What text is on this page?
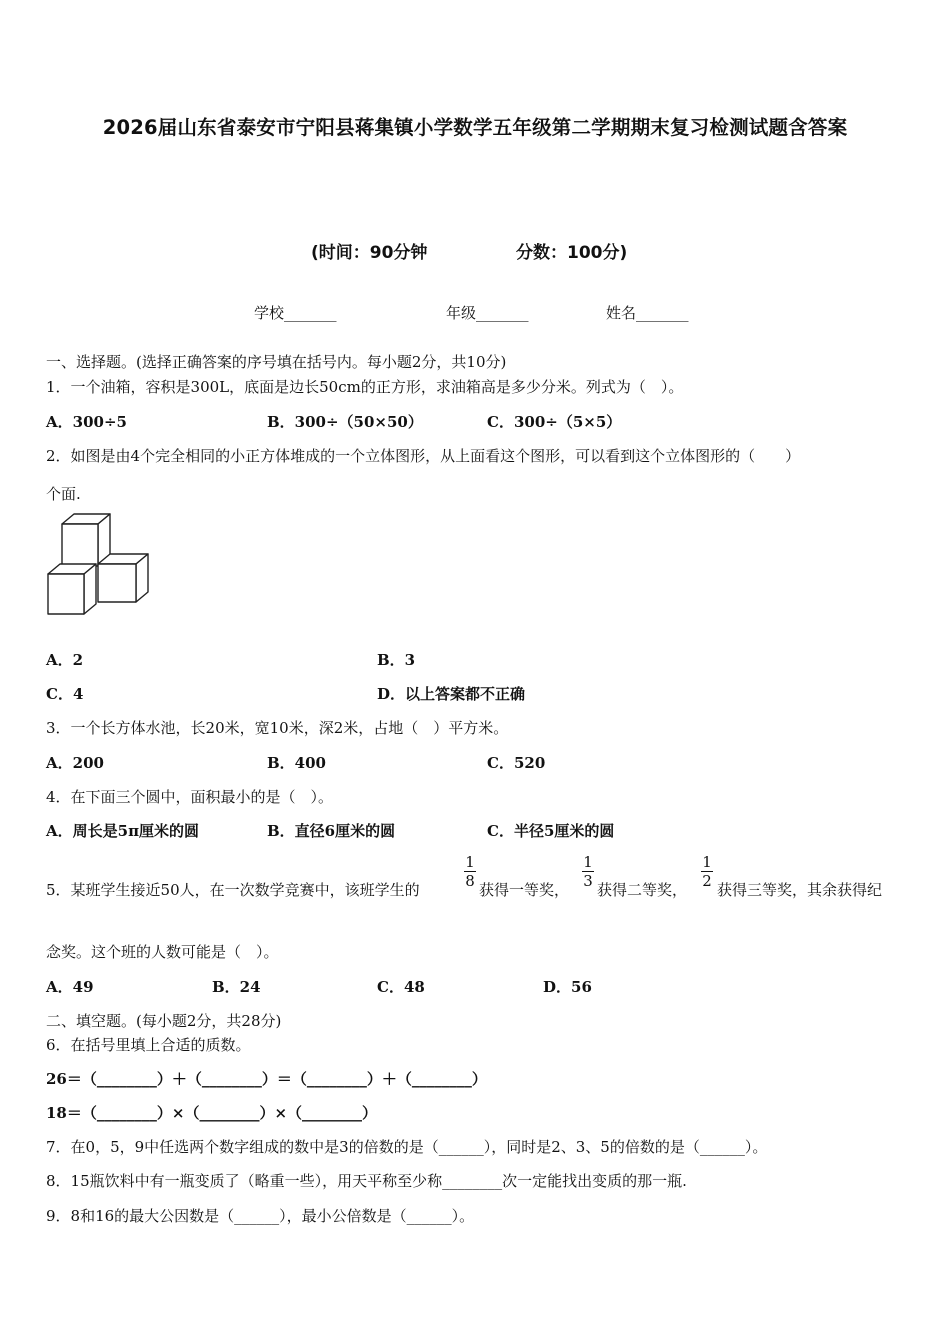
2026届山东省泰安市宁阳县蒋集镇小学数学五年级第二学期期末复习检测试题含答案
(时间：90分钟	分数：100分)
学校_______	年级_______	姓名_______
一、选择题。(选择正确答案的序号填在括号内。每小题2分，共10分)
1．一个油箱，容积是300L，底面是边长50cm的正方形，求油箱高是多少分米。列式为（　）。
A．300÷5	B．300÷（50×50）	C．300÷（5×5）
2．如图是由4个完全相同的小正方体堆成的一个立体图形，从上面看这个图形，可以看到这个立体图形的（　　）
个面.
A．2	B．3
C．4	D．以上答案都不正确
3．一个长方体水池，长20米，宽10米，深2米，占地（　）平方米。
A．200	B．400	C．520
4．在下面三个圆中，面积最小的是（　）。
A．周长是5π厘米的圆	B．直径6厘米的圆	C．半径5厘米的圆
5．某班学生接近50人，在一次数学竞赛中，该班学生的
1
8 获得一等奖，
1
3 获得二等奖，
1
2 获得三等奖，其余获得纪
念奖。这个班的人数可能是（　）。
A．49	B．24	C．48	D．56
二、填空题。(每小题2分，共28分)
6．在括号里填上合适的质数。
26＝（________）＋（________）＝（________）＋（________）
18＝（________）×（________）×（________）
7．在0，5，9中任选两个数字组成的数中是3的倍数的是（______），同时是2、3、5的倍数的是（______）。
8．15瓶饮料中有一瓶变质了（略重一些），用天平称至少称________次一定能找出变质的那一瓶.
9．8和16的最大公因数是（______），最小公倍数是（______）。
